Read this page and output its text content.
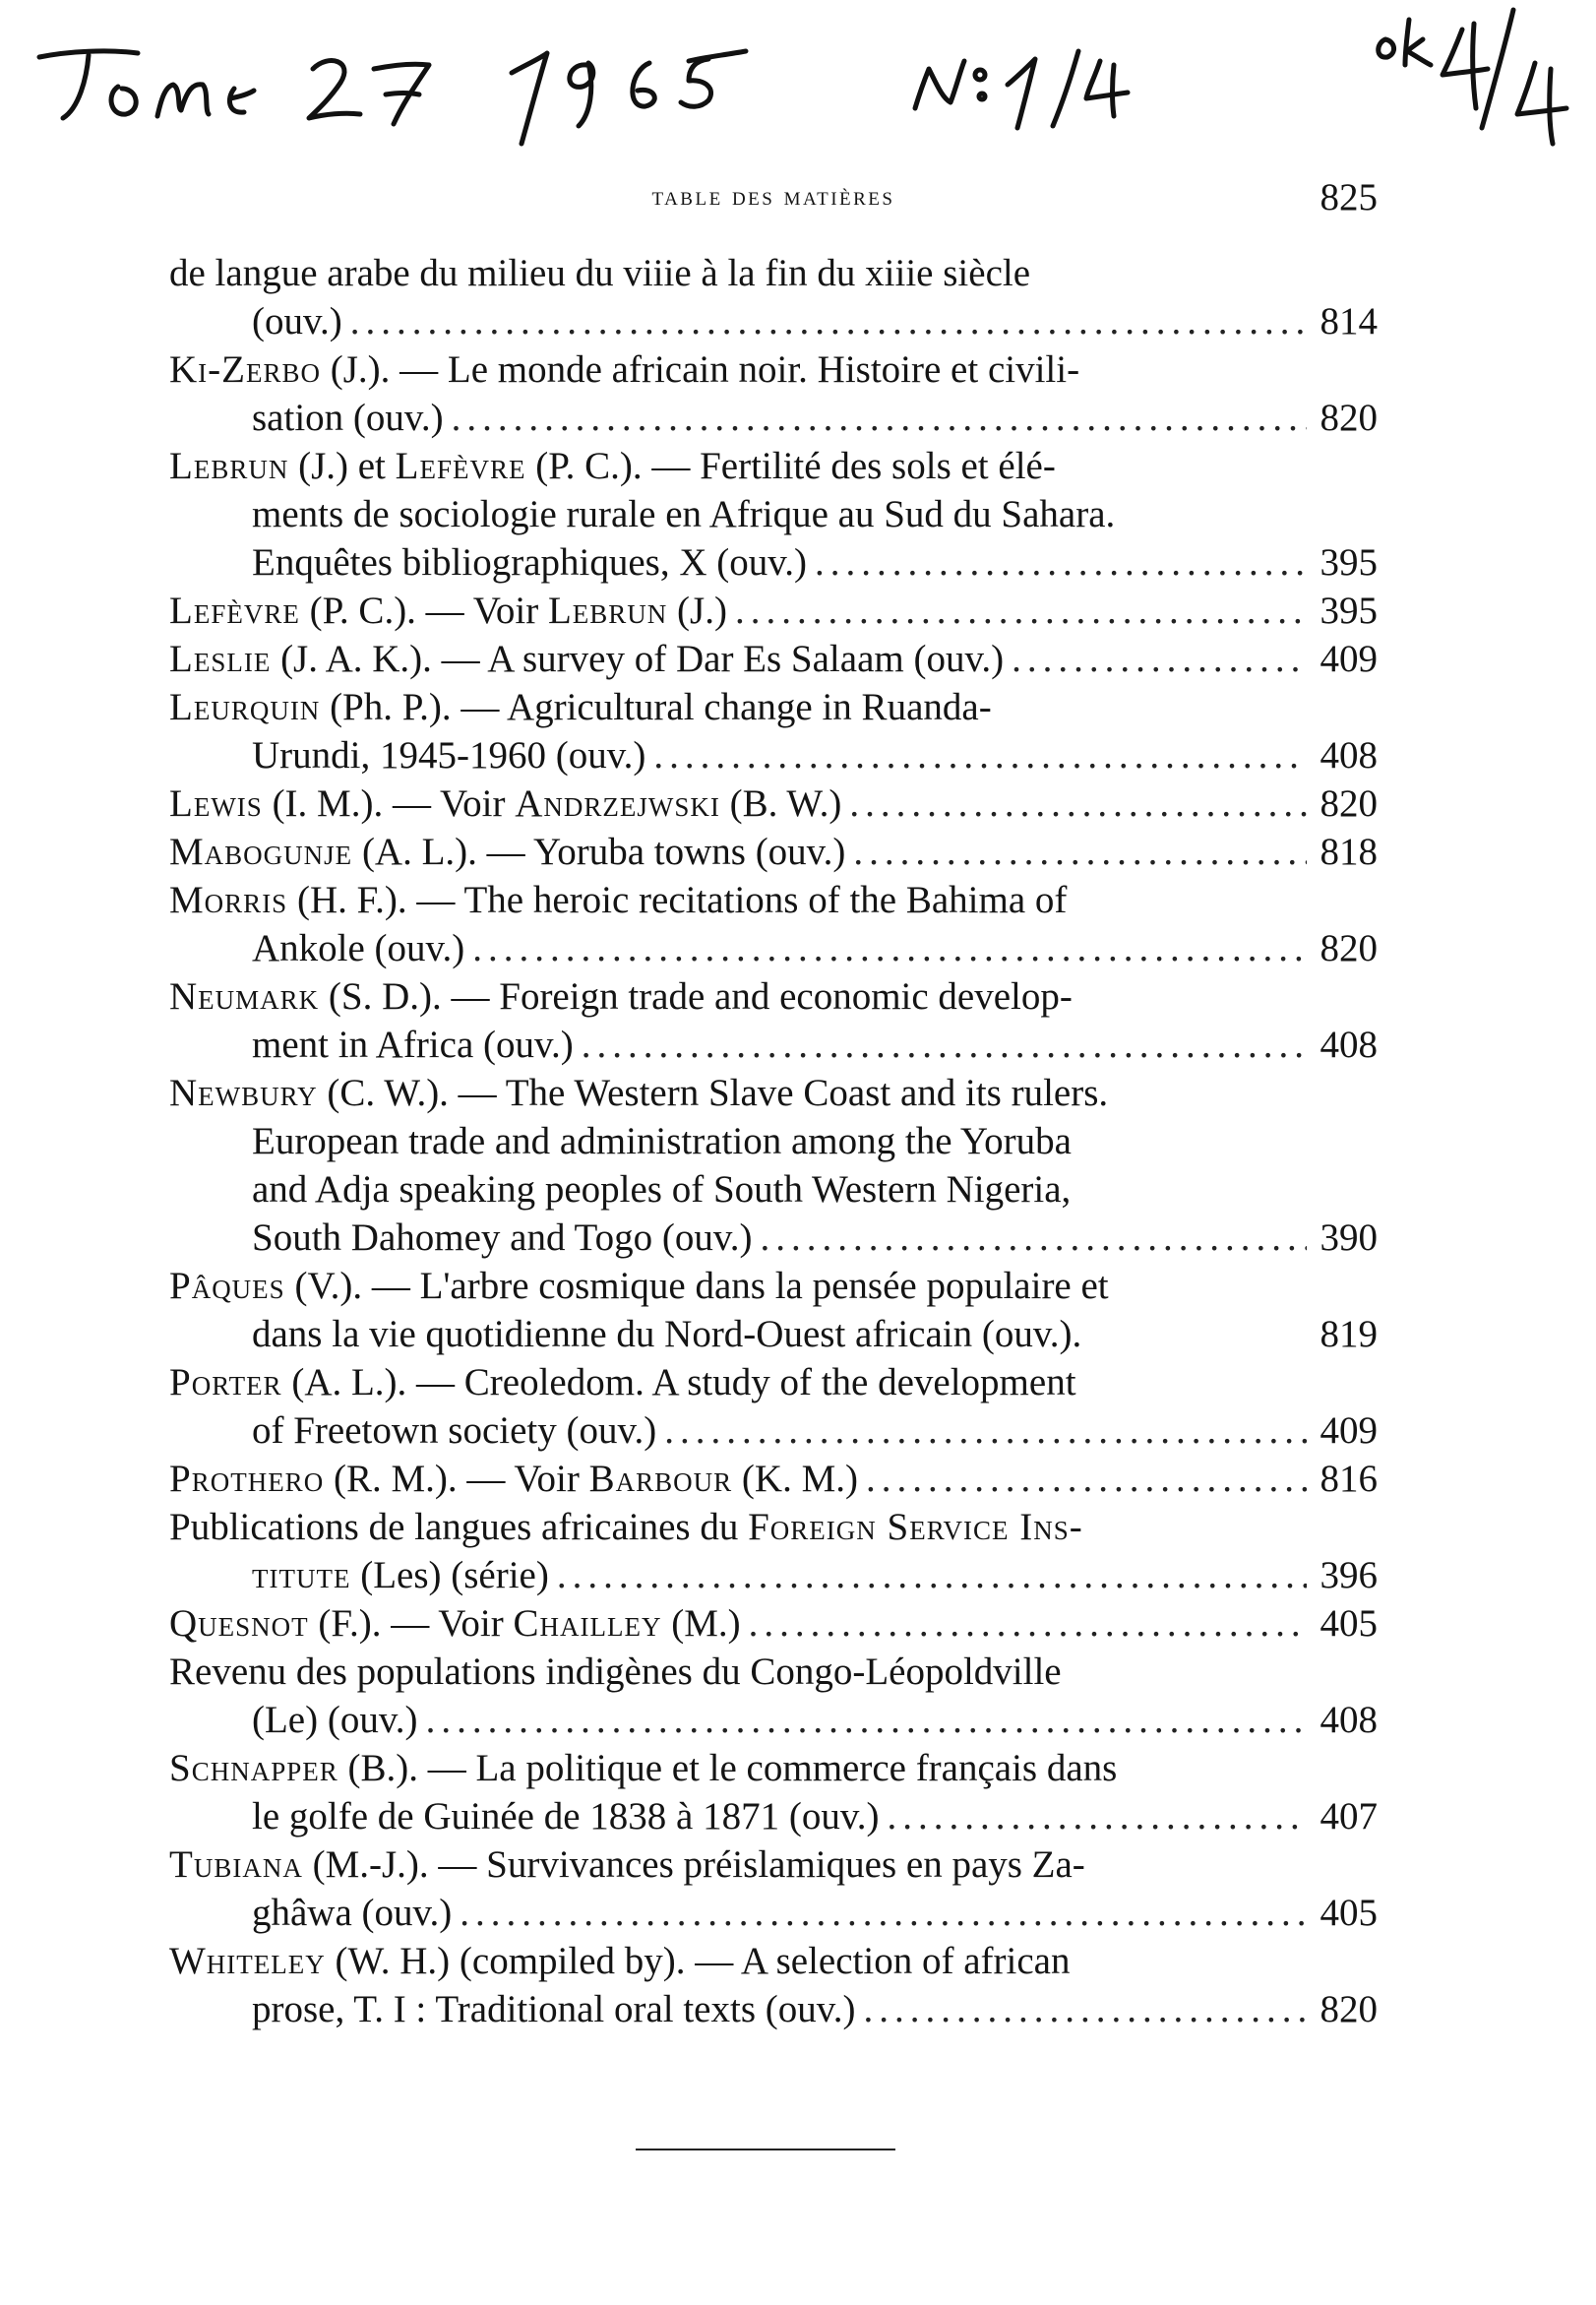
table des matières	825
de langue arabe du milieu du viiie à la fin du xiiie siècle
(ouv.) .....	814
Ki-Zerbo (J.). — Le monde africain noir. Histoire et civili-
sation (ouv.) .....	820
Lebrun (J.) et Lefèvre (P. C.). — Fertilité des sols et élé-
ments de sociologie rurale en Afrique au Sud du Sahara.
Enquêtes bibliographiques, X (ouv.) .....	395
Lefèvre (P. C.). — Voir Lebrun (J.) .....	395
Leslie (J. A. K.). — A survey of Dar Es Salaam (ouv.) .....	409
Leurquin (Ph. P.). — Agricultural change in Ruanda-
Urundi, 1945-1960 (ouv.) .....	408
Lewis (I. M.). — Voir Andrzejwski (B. W.) .....	820
Mabogunje (A. L.). — Yoruba towns (ouv.) .....	818
Morris (H. F.). — The heroic recitations of the Bahima of
Ankole (ouv.) .....	820
Neumark (S. D.). — Foreign trade and economic develop-
ment in Africa (ouv.) .....	408
Newbury (C. W.). — The Western Slave Coast and its rulers.
European trade and administration among the Yoruba
and Adja speaking peoples of South Western Nigeria,
South Dahomey and Togo (ouv.) .....	390
Pâques (V.). — L'arbre cosmique dans la pensée populaire et
dans la vie quotidienne du Nord-Ouest africain (ouv.).	819
Porter (A. L.). — Creoledom. A study of the development
of Freetown society (ouv.) .....	409
Prothero (R. M.). — Voir Barbour (K. M.) .....	816
Publications de langues africaines du Foreign Service Ins-
titute (Les) (série) .....	396
Quesnot (F.). — Voir Chailley (M.) .....	405
Revenu des populations indigènes du Congo-Léopoldville
(Le) (ouv.) .....	408
Schnapper (B.). — La politique et le commerce français dans
le golfe de Guinée de 1838 à 1871 (ouv.) .....	407
Tubiana (M.-J.). — Survivances préislamiques en pays Za-
ghâwa (ouv.) .....	405
Whiteley (W. H.) (compiled by). — A selection of african
prose, T. I : Traditional oral texts (ouv.) .....	820
